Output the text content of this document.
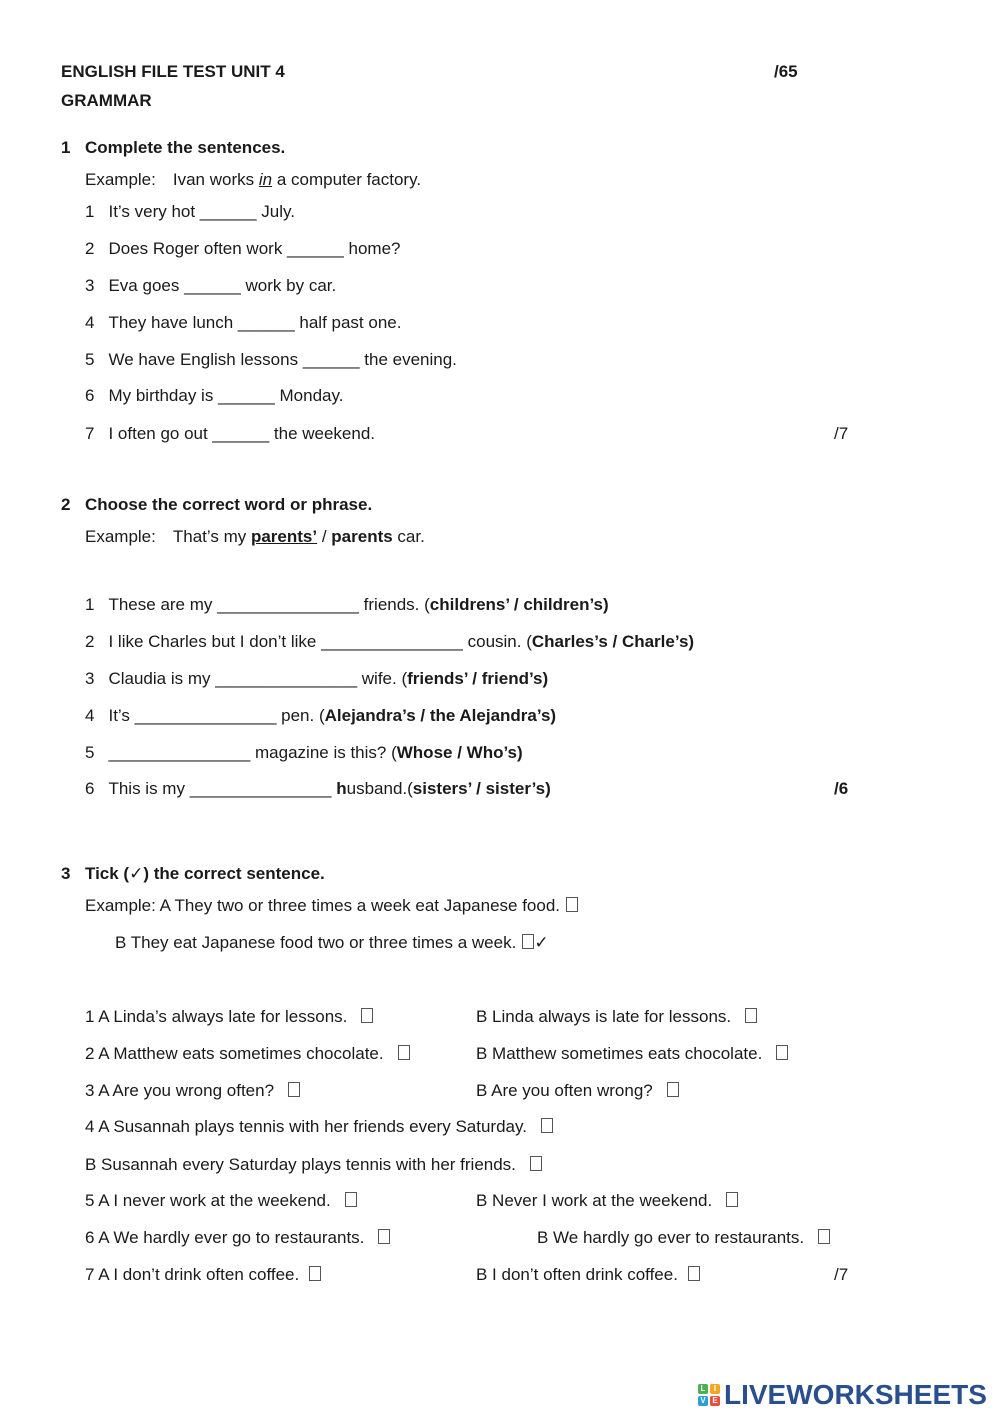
ENGLISH FILE TEST UNIT 4	/65
GRAMMAR
1 Complete the sentences.
Example: Ivan works in a computer factory.
1 It’s very hot ______ July.
2 Does Roger often work ______ home?
3 Eva goes ______ work by car.
4 They have lunch ______ half past one.
5 We have English lessons ______ the evening.
6 My birthday is ______ Monday.
7 I often go out ______ the weekend.	/7
2 Choose the correct word or phrase.
Example: That’s my parents’ / parents car.
1 These are my _______________ friends. (childrens’ / children’s)
2 I like Charles but I don’t like _______________ cousin. (Charles’s / Charle’s)
3 Claudia is my _______________ wife. (friends’ / friend’s)
4 It’s _______________ pen. (Alejandra’s / the Alejandra’s)
5 _______________ magazine is this? (Whose / Who’s)
6 This is my _______________ husband.(sisters’ / sister’s)	/6
3 Tick (✓) the correct sentence.
Example: A They two or three times a week eat Japanese food.
B They eat Japanese food two or three times a week. ✓
1 A Linda’s always late for lessons.	B Linda always is late for lessons.
2 A Matthew eats sometimes chocolate.	B Matthew sometimes eats chocolate.
3 A Are you wrong often?	B Are you often wrong?
4 A Susannah plays tennis with her friends every Saturday.
B Susannah every Saturday plays tennis with her friends.
5 A I never work at the weekend.	B Never I work at the weekend.
6 A We hardly ever go to restaurants.	B We hardly go ever to restaurants.
7 A I don’t drink often coffee.	B I don’t often drink coffee.	/7
L	I
V E LIVEWORKSHEETS
